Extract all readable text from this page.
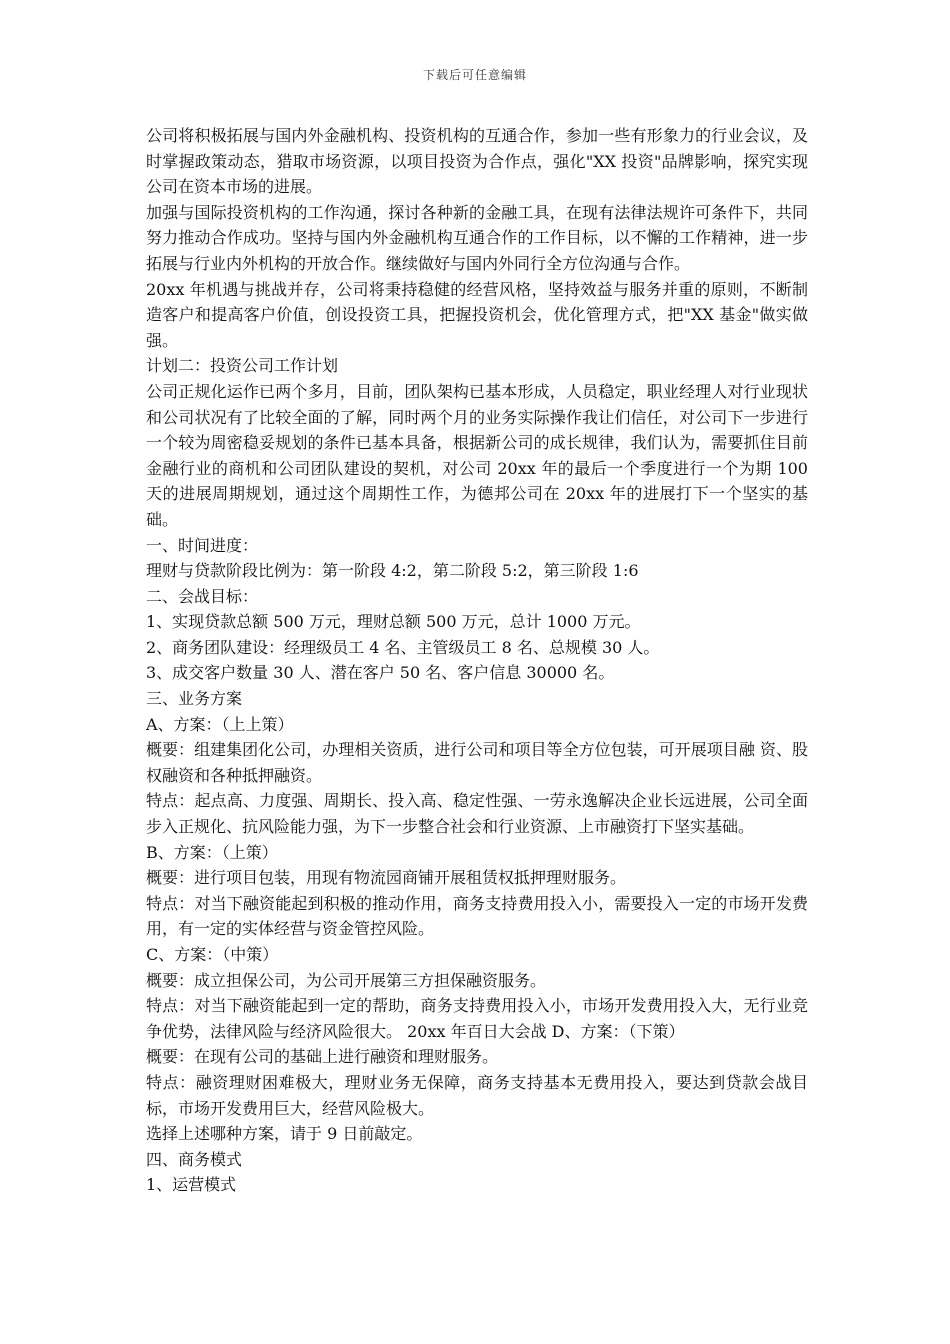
下载后可任意编辑

公司将积极拓展与国内外金融机构、投资机构的互通合作，参加一些有形象力的行业会议，及时掌握政策动态，猎取市场资源，以项目投资为合作点，强化"XX 投资"品牌影响，探究实现公司在资本市场的进展。

加强与国际投资机构的工作沟通，探讨各种新的金融工具，在现有法律法规许可条件下，共同努力推动合作成功。坚持与国内外金融机构互通合作的工作目标，以不懈的工作精神，进一步拓展与行业内外机构的开放合作。继续做好与国内外同行全方位沟通与合作。

20xx 年机遇与挑战并存，公司将秉持稳健的经营风格，坚持效益与服务并重的原则，不断制造客户和提高客户价值，创设投资工具，把握投资机会，优化管理方式，把"XX 基金"做实做强。

计划二：投资公司工作计划

公司正规化运作已两个多月，目前，团队架构已基本形成，人员稳定，职业经理人对行业现状和公司状况有了比较全面的了解，同时两个月的业务实际操作我让们信任，对公司下一步进行一个较为周密稳妥规划的条件已基本具备，根据新公司的成长规律，我们认为，需要抓住目前金融行业的商机和公司团队建设的契机，对公司 20xx 年的最后一个季度进行一个为期 100 天的进展周期规划，通过这个周期性工作，为德邦公司在 20xx 年的进展打下一个坚实的基础。

一、时间进度：

理财与贷款阶段比例为：第一阶段 4:2，第二阶段 5:2，第三阶段 1:6

二、会战目标：

1、实现贷款总额 500 万元，理财总额 500 万元，总计 1000 万元。

2、商务团队建设：经理级员工 4 名、主管级员工 8 名、总规模 30 人。

3、成交客户数量 30 人、潜在客户 50 名、客户信息 30000 名。

三、业务方案

A、方案：（上上策）

概要：组建集团化公司，办理相关资质，进行公司和项目等全方位包装，可开展项目融 资、股权融资和各种抵押融资。

特点：起点高、力度强、周期长、投入高、稳定性强、一劳永逸解决企业长远进展，公司全面步入正规化、抗风险能力强，为下一步整合社会和行业资源、上市融资打下坚实基础。

B、方案：（上策）

概要：进行项目包装，用现有物流园商铺开展租赁权抵押理财服务。

特点：对当下融资能起到积极的推动作用，商务支持费用投入小，需要投入一定的市场开发费用，有一定的实体经营与资金管控风险。

C、方案：（中策）

概要：成立担保公司，为公司开展第三方担保融资服务。

特点：对当下融资能起到一定的帮助，商务支持费用投入小，市场开发费用投入大，无行业竞争优势，法律风险与经济风险很大。 20xx 年百日大会战 D、方案：（下策）

概要：在现有公司的基础上进行融资和理财服务。

特点：融资理财困难极大，理财业务无保障，商务支持基本无费用投入，要达到贷款会战目标，市场开发费用巨大，经营风险极大。

选择上述哪种方案，请于 9 日前敲定。

四、商务模式

1、运营模式
